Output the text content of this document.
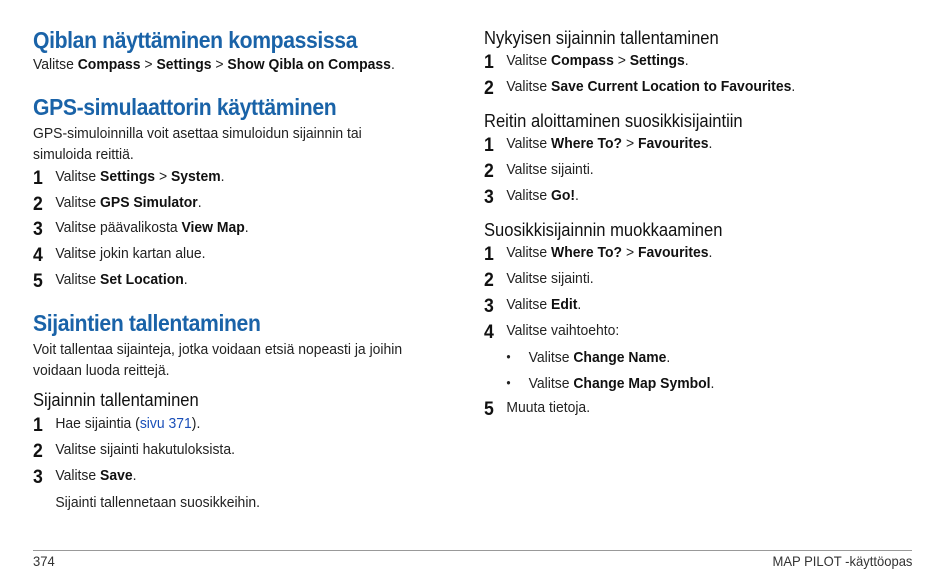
Qiblan näyttäminen kompassissa
Valitse Compass > Settings > Show Qibla on Compass.
GPS-simulaattorin käyttäminen

GPS-simuloinnilla voit asettaa simuloidun sijainnin tai simuloida reittiä.

1 Valitse Settings > System.
2 Valitse GPS Simulator.
3 Valitse päävalikosta View Map.
4 Valitse jokin kartan alue.
5 Valitse Set Location.
Sijaintien tallentaminen

Voit tallentaa sijainteja, jotka voidaan etsiä nopeasti ja joihin voidaan luoda reittejä.

Sijainnin tallentaminen
1 Hae sijaintia (sivu 371).
2 Valitse sijainti hakutuloksista.
3 Valitse Save.
Sijainti tallennetaan suosikkeihin.
Nykyisen sijainnin tallentaminen
1 Valitse Compass > Settings.
2 Valitse Save Current Location to Favourites.
Reitin aloittaminen suosikkisijaintiin
1 Valitse Where To? > Favourites.
2 Valitse sijainti.
3 Valitse Go!.
Suosikkisijainnin muokkaaminen
1 Valitse Where To? > Favourites.
2 Valitse sijainti.
3 Valitse Edit.
4 Valitse vaihtoehto:
• Valitse Change Name.
• Valitse Change Map Symbol.
5 Muuta tietoja.
374	MAP PILOT -käyttöopas
